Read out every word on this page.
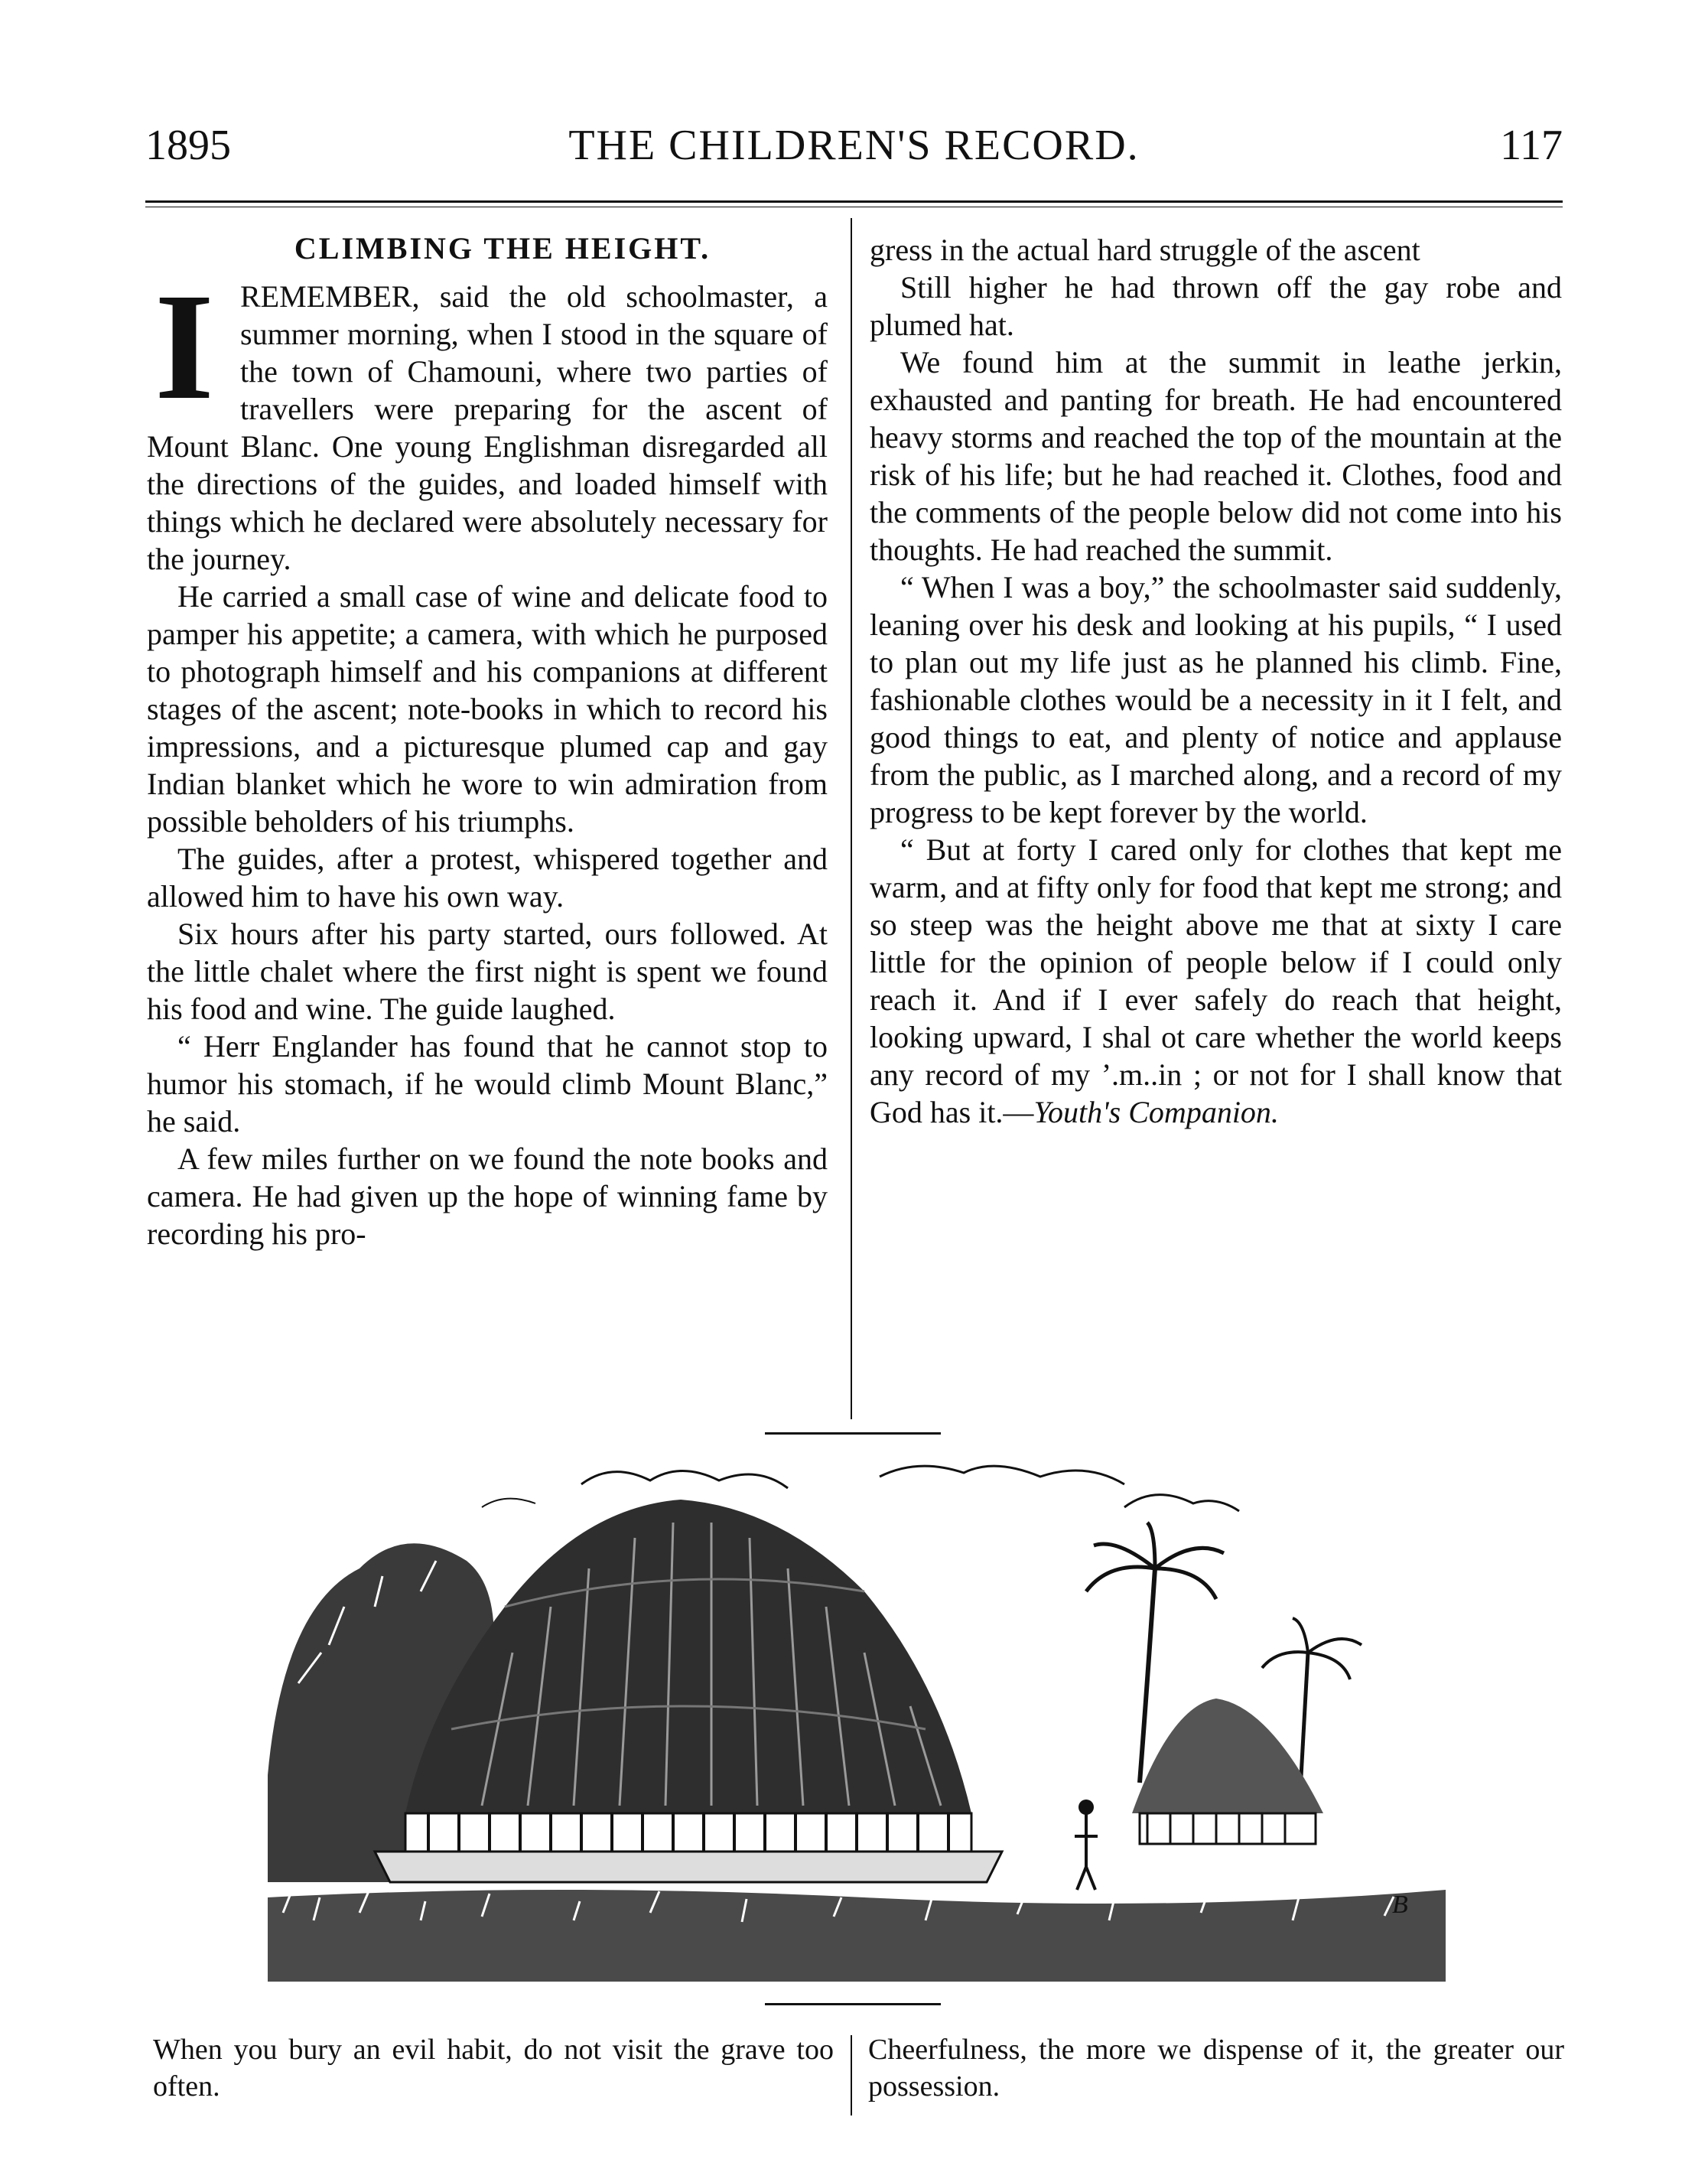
1895	THE CHILDREN'S RECORD.	117
CLIMBING THE HEIGHT.
I REMEMBER, said the old schoolmaster, a summer morning, when I stood in the square of the town of Chamouni, where two parties of travellers were preparing for the ascent of Mount Blanc. One young Englishman disregarded all the directions of the guides, and loaded himself with things which he declared were absolutely necessary for the journey.

He carried a small case of wine and delicate food to pamper his appetite; a camera, with which he purposed to photograph himself and his companions at different stages of the ascent; note-books in which to record his impressions, and a picturesque plumed cap and gay Indian blanket which he wore to win admiration from possible beholders of his triumphs.

The guides, after a protest, whispered together and allowed him to have his own way.

Six hours after his party started, ours followed. At the little chalet where the first night is spent we found his food and wine. The guide laughed.

“ Herr Englander has found that he cannot stop to humor his stomach, if he would climb Mount Blanc,” he said.

A few miles further on we found the note books and camera. He had given up the hope of winning fame by recording his pro-

gress in the actual hard struggle of the ascent

Still higher he had thrown off the gay robe and plumed hat.

We found him at the summit in leathe jerkin, exhausted and panting for breath. He had encountered heavy storms and reached the top of the mountain at the risk of his life; but he had reached it. Clothes, food and the comments of the people below did not come into his thoughts. He had reached the summit.

“ When I was a boy,” the schoolmaster said suddenly, leaning over his desk and looking at his pupils, “ I used to plan out my life just as he planned his climb. Fine, fashionable clothes would be a necessity in it I felt, and good things to eat, and plenty of notice and applause from the public, as I marched along, and a record of my progress to be kept forever by the world.

“ But at forty I cared only for clothes that kept me warm, and at fifty only for food that kept me strong; and so steep was the height above me that at sixty I care little for the opinion of people below if I could only reach it. And if I ever safely do reach that height, looking upward, I shal ot care whether the world keeps any record of my ’.m..in ; or not for I shall know that God has it.—Youth's Companion.

B
When you bury an evil habit, do not visit the grave too often.
Cheerfulness, the more we dispense of it, the greater our possession.
